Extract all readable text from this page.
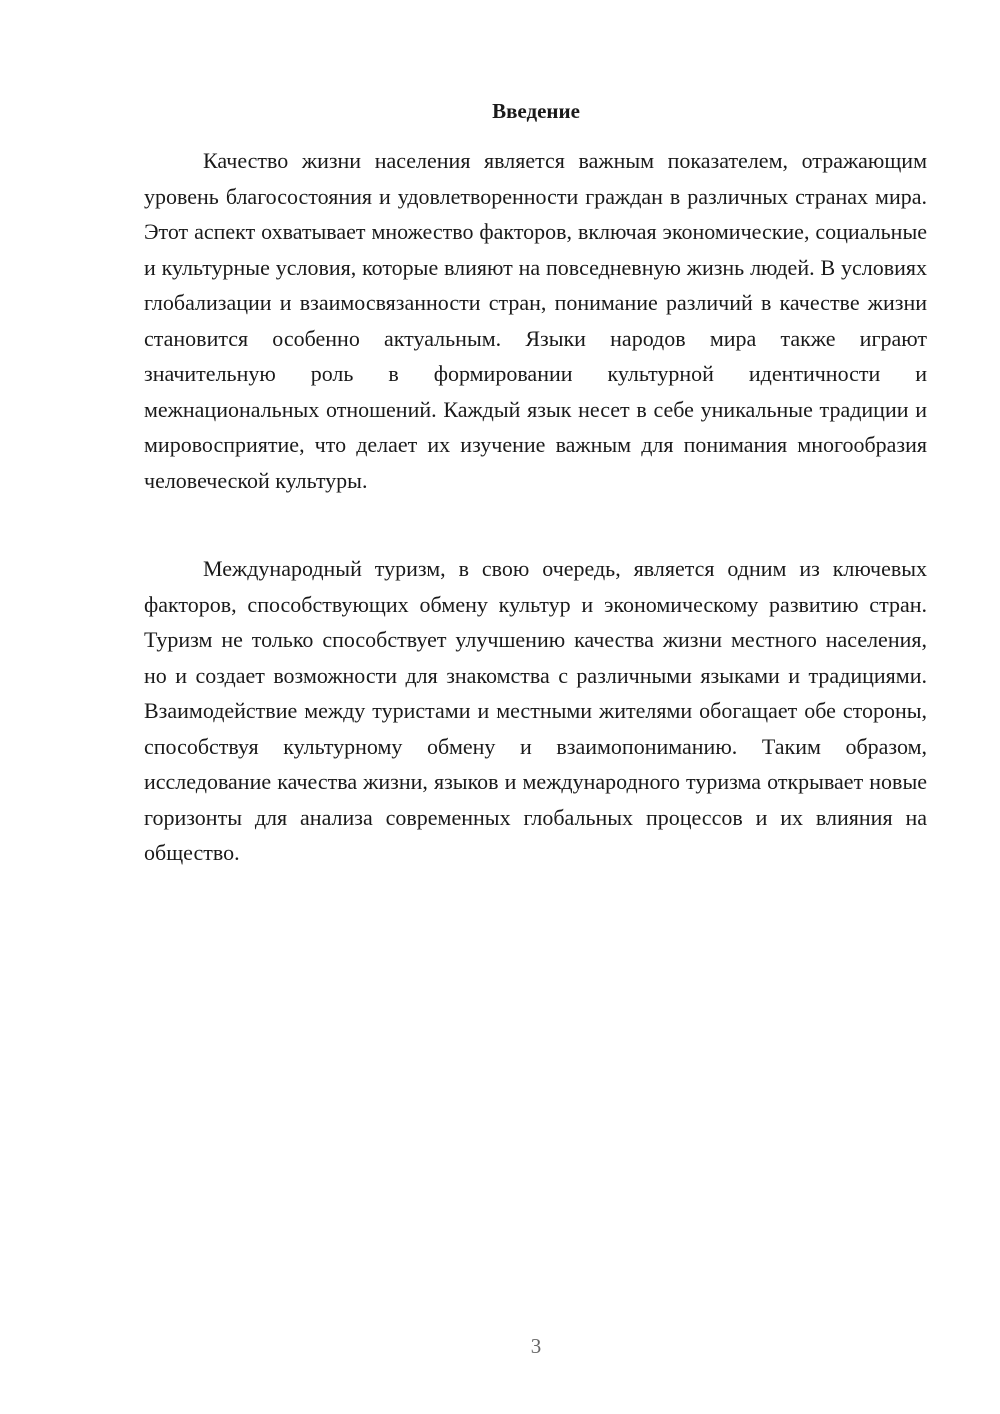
Введение

Качество жизни населения является важным показателем, отражающим уровень благосостояния и удовлетворенности граждан в различных странах мира. Этот аспект охватывает множество факторов, включая экономические, социальные и культурные условия, которые влияют на повседневную жизнь людей. В условиях глобализации и взаимосвязанности стран, понимание различий в качестве жизни становится особенно актуальным. Языки народов мира также играют значительную роль в формировании культурной идентичности и межнациональных отношений. Каждый язык несет в себе уникальные традиции и мировосприятие, что делает их изучение важным для понимания многообразия человеческой культуры.

Международный туризм, в свою очередь, является одним из ключевых факторов, способствующих обмену культур и экономическому развитию стран. Туризм не только способствует улучшению качества жизни местного населения, но и создает возможности для знакомства с различными языками и традициями. Взаимодействие между туристами и местными жителями обогащает обе стороны, способствуя культурному обмену и взаимопониманию. Таким образом, исследование качества жизни, языков и международного туризма открывает новые горизонты для анализа современных глобальных процессов и их влияния на общество.

3
